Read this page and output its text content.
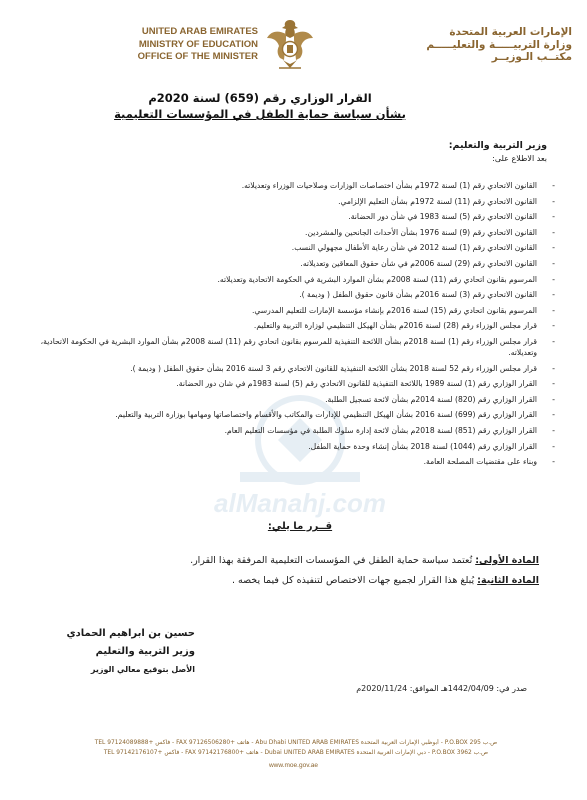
UNITED ARAB EMIRATES
MINISTRY OF EDUCATION
OFFICE OF THE MINISTER
الإمارات العربية المتحدة
وزارة التربيـــــة والتعليـــــم
مكتــب الـوزيــر
alManahj.com
القرار الوزاري رقم (659) لسنة 2020م
بشأن سياسة حماية الطفل في المؤسسات التعليمية
وزير التربية والتعليم:
بعد الاطلاع على:
-
القانون الاتحادي رقم (1) لسنة 1972م بشأن اختصاصات الوزارات وصلاحيات الوزراء وتعديلاته.
-
القانون الاتحادي رقم (11) لسنة 1972م بشأن التعليم الإلزامي.
-
القانون الاتحادي رقم (5) لسنة 1983 في شأن دور الحضانة.
-
القانون الاتحادي رقم (9) لسنة 1976 بشأن الأحداث الجانحين والمشردين.
-
القانون الاتحادي رقم (1) لسنة 2012 في شأن رعاية الأطفال مجهولي النسب.
-
القانون الاتحادي رقم (29) لسنة 2006م في شأن حقوق المعاقين وتعديلاته.
-
المرسوم بقانون اتحادي رقم (11) لسنة 2008م بشأن الموارد البشرية في الحكومة الاتحادية وتعديلاته.
-
القانون الاتحادي رقم (3) لسنة 2016م بشأن قانون حقوق الطفل ( وديمة ).
-
المرسوم بقانون اتحادي رقم (15) لسنة 2016م بإنشاء مؤسسة الإمارات للتعليم المدرسي.
-
قرار مجلس الوزراء رقم (28) لسنة 2016م بشأن الهيكل التنظيمي لوزارة التربية والتعليم.
-
قرار مجلس الوزراء رقم (1) لسنة 2018م بشأن اللائحة التنفيذية للمرسوم بقانون اتحادي رقم (11) لسنة 2008م بشأن الموارد البشرية في الحكومة الاتحادية، وتعديلاته.
-
قرار مجلس الوزراء رقم 52 لسنة 2018 بشأن اللائحة التنفيذية للقانون الاتحادي رقم 3 لسنة 2016 بشأن حقوق الطفل ( وديمة ).
-
القرار الوزاري رقم (1) لسنة 1989 باللائحة التنفيذية للقانون الاتحادي رقم (5) لسنة 1983م في شان دور الحضانة.
-
القرار الوزاري رقم (820) لسنة 2014م بشأن لائحة تسجيل الطلبة.
-
القرار الوزاري رقم (699) لسنة 2016 بشأن الهيكل التنظيمي للإدارات والمكاتب والأقسام واختصاصاتها ومهامها بوزارة التربية والتعليم.
-
القرار الوزاري رقم (851) لسنة 2018م بشأن لائحة إدارة سلوك الطلبة في مؤسسات التعليم العام.
-
القرار الوزاري رقم (1044) لسنة 2018 بشأن إنشاء وحدة حماية الطفل.
-
وبناء على مقتضيات المصلحة العامة.
قــرر ما يلي:
المادة الأولى: تُعتمد سياسة حماية الطفل في المؤسسات التعليمية المرفقة بهذا القرار.
المادة الثانية: يُبلغ هذا القرار لجميع جهات الاختصاص لتنفيذه كل فيما يخصه .
حسين بن ابراهيم الحمادي
وزير التربية والتعليم
الأصل بتوقيع معالي الوزير
صدر في: 1442/04/09هـ الموافق: 2020/11/24م
ص.ب 295 P.O.BOX - أبوظبي الإمارات العربية المتحدة Abu Dhabi UNITED ARAB EMIRATES - هاتف +97126506280 FAX - فاكس +97124089888 TEL
ص.ب 3962 P.O.BOX - دبي الإمارات العربية المتحدة Dubai UNITED ARAB EMIRATES - هاتف +97142176800 FAX - فاكس +97142176107 TEL
www.moe.gov.ae
